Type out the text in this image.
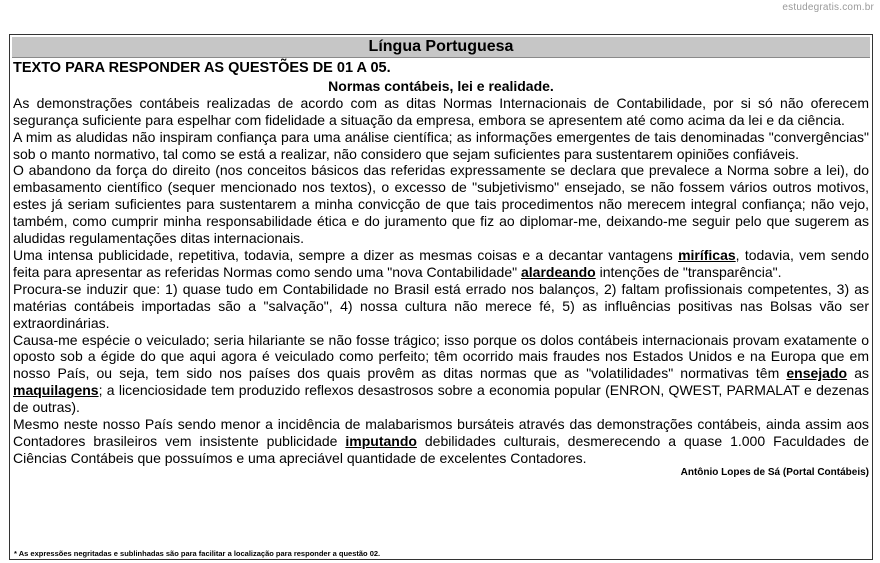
estudegratis.com.br
Língua Portuguesa
TEXTO PARA RESPONDER AS QUESTÕES DE 01 A 05.
Normas contábeis, lei e realidade.

As demonstrações contábeis realizadas de acordo com as ditas Normas Internacionais de Contabilidade, por si só não oferecem segurança suficiente para espelhar com fidelidade a situação da empresa, embora se apresentem até como acima da lei e da ciência.

A mim as aludidas não inspiram confiança para uma análise científica; as informações emergentes de tais denominadas "convergências" sob o manto normativo, tal como se está a realizar, não considero que sejam suficientes para sustentarem opiniões confiáveis.

O abandono da força do direito (nos conceitos básicos das referidas expressamente se declara que prevalece a Norma sobre a lei), do embasamento científico (sequer mencionado nos textos), o excesso de "subjetivismo" ensejado, se não fossem vários outros motivos, estes já seriam suficientes para sustentarem a minha convicção de que tais procedimentos não merecem integral confiança; não vejo, também, como cumprir minha responsabilidade ética e do juramento que fiz ao diplomar-me, deixando-me seguir pelo que sugerem as aludidas regulamentações ditas internacionais.

Uma intensa publicidade, repetitiva, todavia, sempre a dizer as mesmas coisas e a decantar vantagens miríficas, todavia, vem sendo feita para apresentar as referidas Normas como sendo uma "nova Contabilidade" alardeando intenções de "transparência".

Procura-se induzir que: 1) quase tudo em Contabilidade no Brasil está errado nos balanços, 2) faltam profissionais competentes, 3) as matérias contábeis importadas são a "salvação", 4) nossa cultura não merece fé, 5) as influências positivas nas Bolsas vão ser extraordinárias.

Causa-me espécie o veiculado; seria hilariante se não fosse trágico; isso porque os dolos contábeis internacionais provam exatamente o oposto sob a égide do que aqui agora é veiculado como perfeito; têm ocorrido mais fraudes nos Estados Unidos e na Europa que em nosso País, ou seja, tem sido nos países dos quais provêm as ditas normas que as "volatilidades" normativas têm ensejado as maquilagens; a licenciosidade tem produzido reflexos desastrosos sobre a economia popular (ENRON, QWEST, PARMALAT e dezenas de outras).

Mesmo neste nosso País sendo menor a incidência de malabarismos bursáteis através das demonstrações contábeis, ainda assim aos Contadores brasileiros vem insistente publicidade imputando debilidades culturais, desmerecendo a quase 1.000 Faculdades de Ciências Contábeis que possuímos e uma apreciável quantidade de excelentes Contadores.

Antônio Lopes de Sá (Portal Contábeis)
* As expressões negritadas e sublinhadas são para facilitar a localização para responder a questão 02.
